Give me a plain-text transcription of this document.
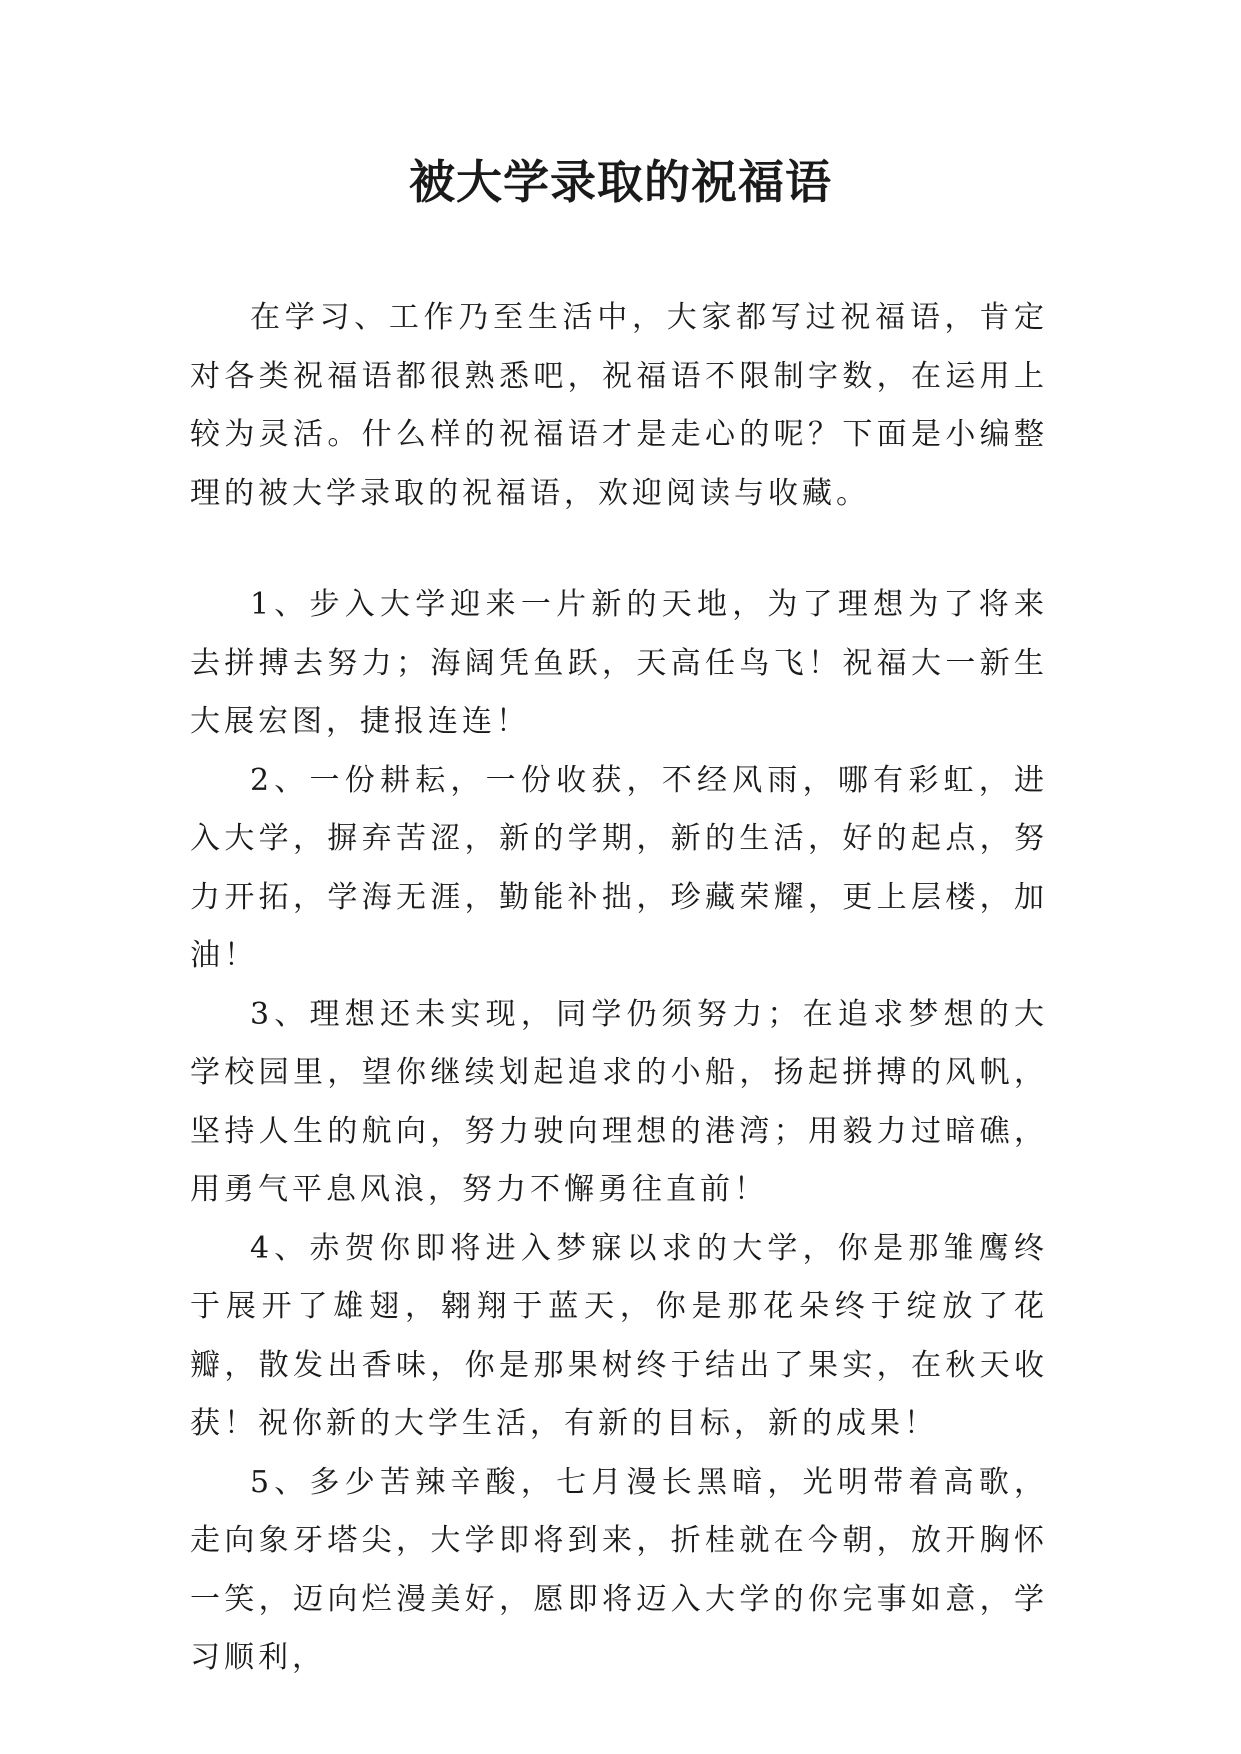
被大学录取的祝福语

在学习、工作乃至生活中，大家都写过祝福语，肯定对各类祝福语都很熟悉吧，祝福语不限制字数，在运用上较为灵活。什么样的祝福语才是走心的呢？下面是小编整理的被大学录取的祝福语，欢迎阅读与收藏。

1、步入大学迎来一片新的天地，为了理想为了将来去拼搏去努力；海阔凭鱼跃，天高任鸟飞！祝福大一新生大展宏图，捷报连连！

2、一份耕耘，一份收获，不经风雨，哪有彩虹，进入大学，摒弃苦涩，新的学期，新的生活，好的起点，努力开拓，学海无涯，勤能补拙，珍藏荣耀，更上层楼，加油！

3、理想还未实现，同学仍须努力；在追求梦想的大学校园里，望你继续划起追求的小船，扬起拼搏的风帆，坚持人生的航向，努力驶向理想的港湾；用毅力过暗礁，用勇气平息风浪，努力不懈勇往直前！

4、赤贺你即将进入梦寐以求的大学，你是那雏鹰终于展开了雄翅，翱翔于蓝天，你是那花朵终于绽放了花瓣，散发出香味，你是那果树终于结出了果实，在秋天收获！祝你新的大学生活，有新的目标，新的成果！

5、多少苦辣辛酸，七月漫长黑暗，光明带着高歌，走向象牙塔尖，大学即将到来，折桂就在今朝，放开胸怀一笑，迈向烂漫美好，愿即将迈入大学的你完事如意，学习顺利，
